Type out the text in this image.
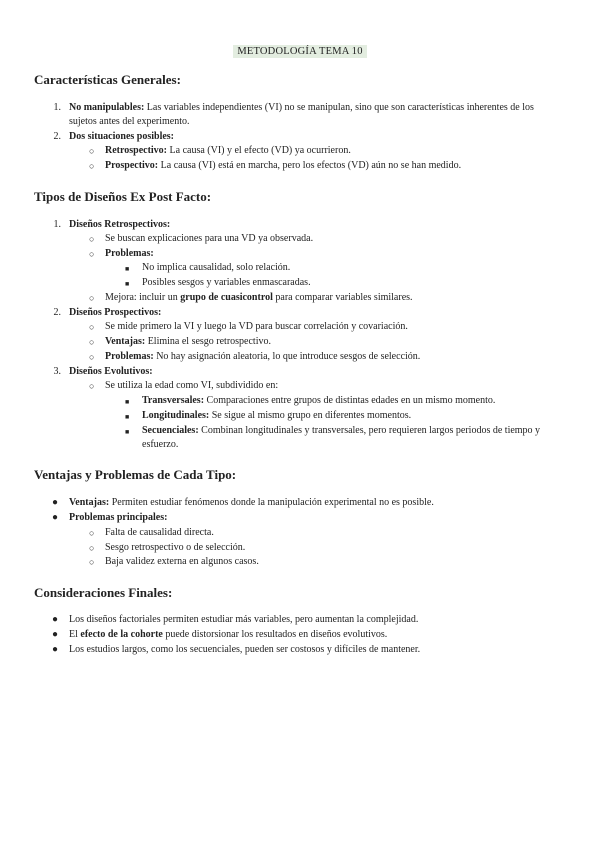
METODOLOGÍA TEMA 10
Características Generales:
1. No manipulables: Las variables independientes (VI) no se manipulan, sino que son características inherentes de los sujetos antes del experimento.
2. Dos situaciones posibles:
○ Retrospectivo: La causa (VI) y el efecto (VD) ya ocurrieron.
○ Prospectivo: La causa (VI) está en marcha, pero los efectos (VD) aún no se han medido.
Tipos de Diseños Ex Post Facto:
1. Diseños Retrospectivos:
○ Se buscan explicaciones para una VD ya observada.
○ Problemas:
■ No implica causalidad, solo relación.
■ Posibles sesgos y variables enmascaradas.
○ Mejora: incluir un grupo de cuasicontrol para comparar variables similares.
2. Diseños Prospectivos:
○ Se mide primero la VI y luego la VD para buscar correlación y covariación.
○ Ventajas: Elimina el sesgo retrospectivo.
○ Problemas: No hay asignación aleatoria, lo que introduce sesgos de selección.
3. Diseños Evolutivos:
○ Se utiliza la edad como VI, subdividido en:
■ Transversales: Comparaciones entre grupos de distintas edades en un mismo momento.
■ Longitudinales: Se sigue al mismo grupo en diferentes momentos.
■ Secuenciales: Combinan longitudinales y transversales, pero requieren largos periodos de tiempo y esfuerzo.
Ventajas y Problemas de Cada Tipo:
● Ventajas: Permiten estudiar fenómenos donde la manipulación experimental no es posible.
● Problemas principales:
○ Falta de causalidad directa.
○ Sesgo retrospectivo o de selección.
○ Baja validez externa en algunos casos.
Consideraciones Finales:
● Los diseños factoriales permiten estudiar más variables, pero aumentan la complejidad.
● El efecto de la cohorte puede distorsionar los resultados en diseños evolutivos.
● Los estudios largos, como los secuenciales, pueden ser costosos y difíciles de mantener.
